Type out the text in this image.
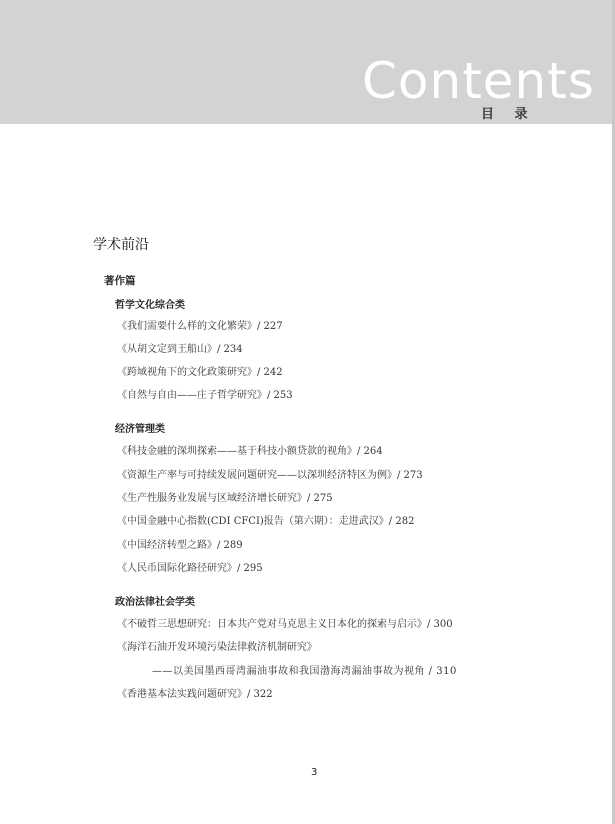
Contents
目 录
学术前沿
著作篇
哲学文化综合类
《我们需要什么样的文化繁荣》/ 227
《从胡文定到王船山》/ 234
《跨域视角下的文化政策研究》/ 242
《自然与自由——庄子哲学研究》/ 253
经济管理类
《科技金融的深圳探索——基于科技小额贷款的视角》/ 264
《资源生产率与可持续发展问题研究——以深圳经济特区为例》/ 273
《生产性服务业发展与区域经济增长研究》/ 275
《中国金融中心指数(CDI CFCI)报告（第六期）：走进武汉》/ 282
《中国经济转型之路》/ 289
《人民币国际化路径研究》/ 295
政治法律社会学类
《不破哲三思想研究：日本共产党对马克思主义日本化的探索与启示》/ 300
《海洋石油开发环境污染法律救济机制研究》
——以美国墨西哥湾漏油事故和我国渤海湾漏油事故为视角 / 310
《香港基本法实践问题研究》/ 322
3
